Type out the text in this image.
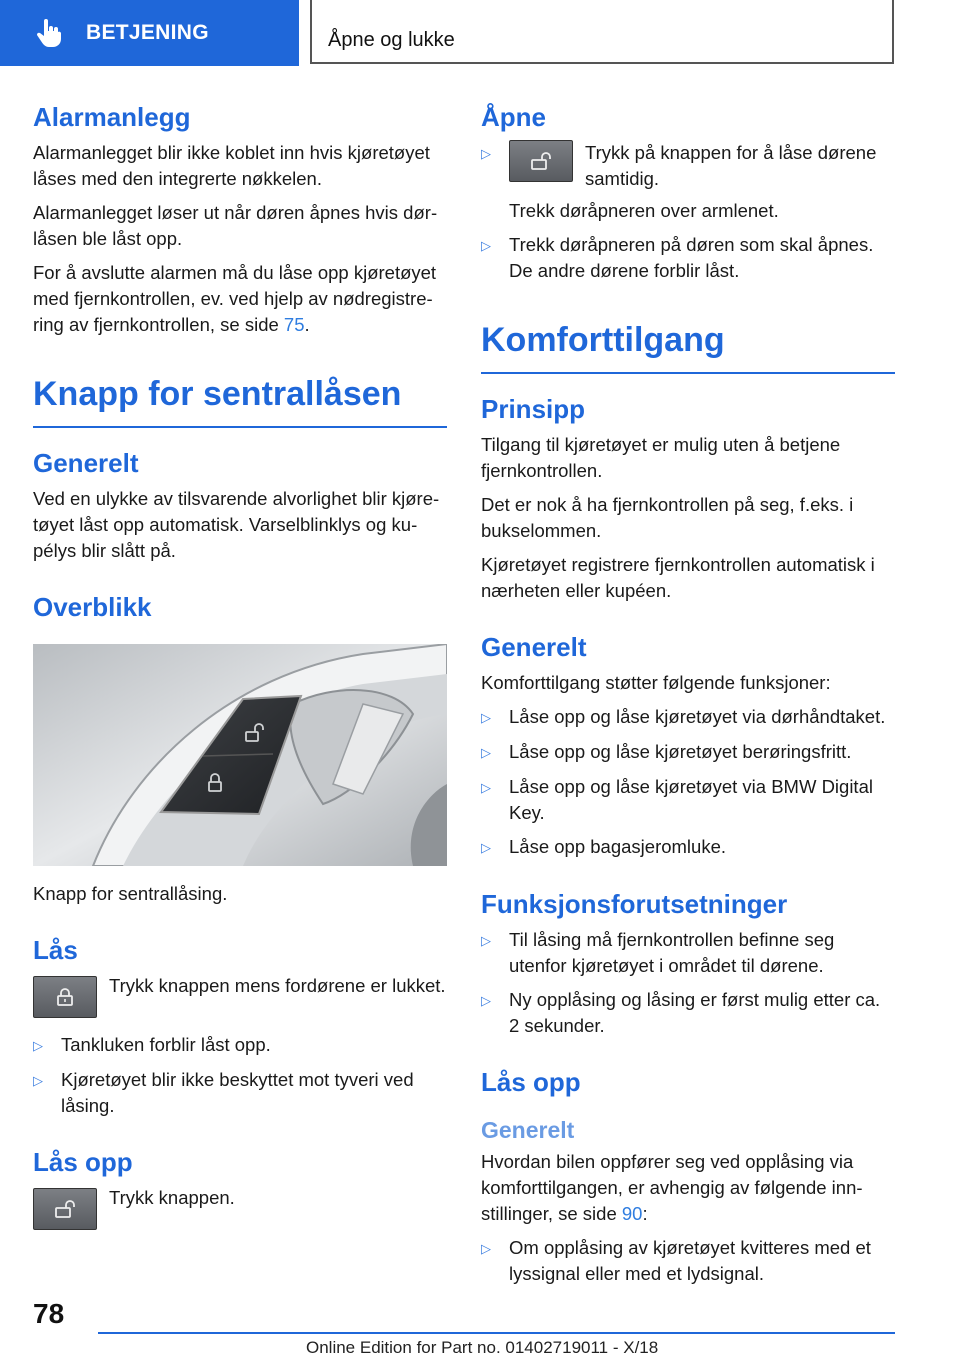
BETJENING	Åpne og lukke
Alarmanlegg

Alarmanlegget blir ikke koblet inn hvis kjøretøyet låses med den integrerte nøkkelen.

Alarmanlegget løser ut når døren åpnes hvis dørlåsen ble låst opp.

For å avslutte alarmen må du låse opp kjøretøyet med fjernkontrollen, ev. ved hjelp av nødregistrering av fjernkontrollen, se side 75.

Knapp for sentrallåsen
Generelt

Ved en ulykke av tilsvarende alvorlighet blir kjøretøyet låst opp automatisk. Varselblinklys og kupélys blir slått på.

Overblikk

Knapp for sentrallåsing.

Lås
Trykk knappen mens fordørene er lukket.
▷ Tankluken forblir låst opp.
▷ Kjøretøyet blir ikke beskyttet mot tyveri ved låsing.
Lås opp
Trykk knappen.
Åpne
▷	Trykk på knappen for å låse dørene samtidig.
Trekk døråpneren over armlenet.
▷ Trekk døråpneren på døren som skal åpnes. De andre dørene forblir låst.
Komforttilgang
Prinsipp

Tilgang til kjøretøyet er mulig uten å betjene fjernkontrollen.

Det er nok å ha fjernkontrollen på seg, f.eks. i bukselommen.

Kjøretøyet registrere fjernkontrollen automatisk i nærheten eller kupéen.

Generelt

Komforttilgang støtter følgende funksjoner:

▷ Låse opp og låse kjøretøyet via dørhåndtaket.
▷ Låse opp og låse kjøretøyet berøringsfritt.
▷ Låse opp og låse kjøretøyet via BMW Digital Key.
▷ Låse opp bagasjeromluke.
Funksjonsforutsetninger
▷ Til låsing må fjernkontrollen befinne seg utenfor kjøretøyet i området til dørene.
▷ Ny opplåsing og låsing er først mulig etter ca. 2 sekunder.
Lås opp
Generelt

Hvordan bilen oppfører seg ved opplåsing via komforttilgangen, er avhengig av følgende innstillinger, se side 90:

▷ Om opplåsing av kjøretøyet kvitteres med et lyssignal eller med et lydsignal.
78
Online Edition for Part no. 01402719011 - X/18
